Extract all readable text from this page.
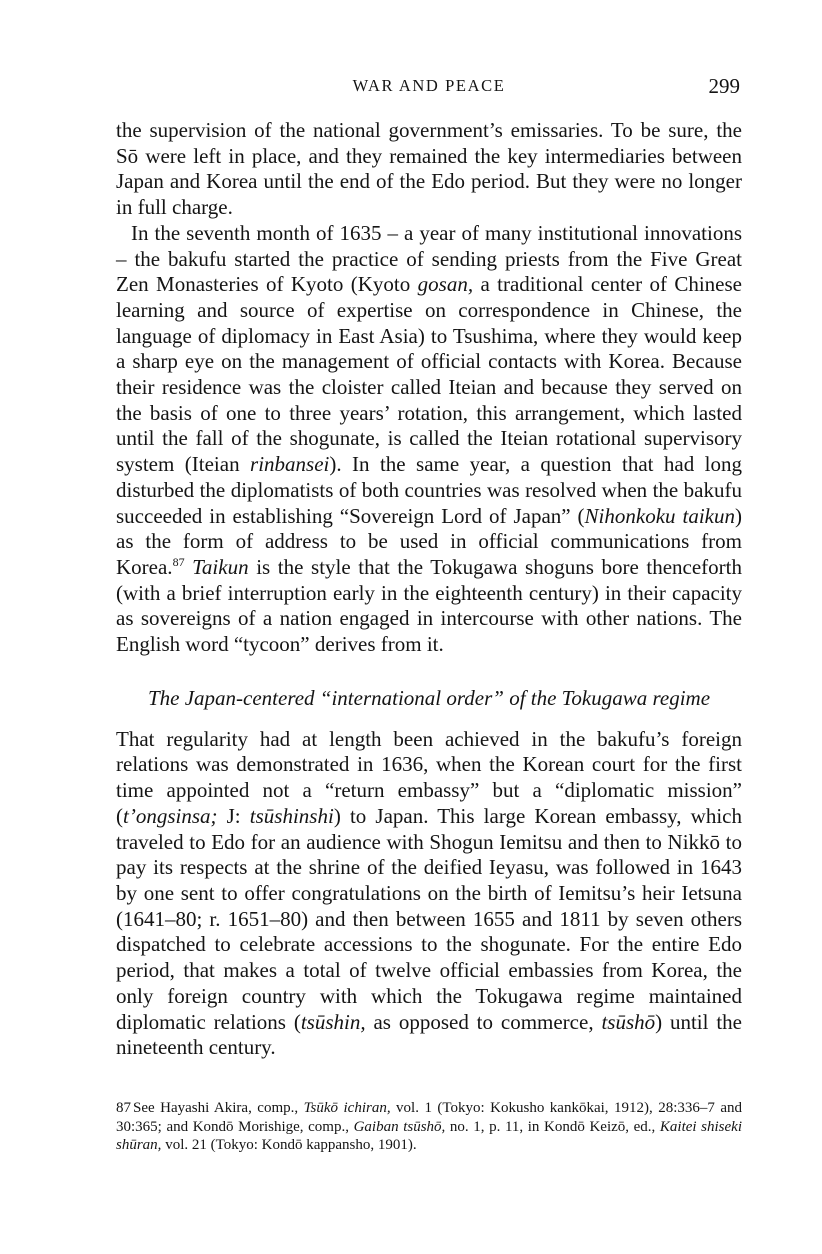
WAR AND PEACE	299

the supervision of the national government’s emissaries. To be sure, the Sō were left in place, and they remained the key intermediaries between Japan and Korea until the end of the Edo period. But they were no longer in full charge.

In the seventh month of 1635 – a year of many institutional innovations – the bakufu started the practice of sending priests from the Five Great Zen Monasteries of Kyoto (Kyoto gosan, a traditional center of Chinese learning and source of expertise on correspondence in Chinese, the language of diplomacy in East Asia) to Tsushima, where they would keep a sharp eye on the management of official contacts with Korea. Because their residence was the cloister called Iteian and because they served on the basis of one to three years’ rotation, this arrangement, which lasted until the fall of the shogunate, is called the Iteian rotational supervisory system (Iteian rinbansei). In the same year, a question that had long disturbed the diplomatists of both countries was resolved when the bakufu succeeded in establishing “Sovereign Lord of Japan” (Nihonkoku taikun) as the form of address to be used in official communications from Korea.$^{87}$ Taikun is the style that the Tokugawa shoguns bore thenceforth (with a brief interruption early in the eighteenth century) in their capacity as sovereigns of a nation engaged in intercourse with other nations. The English word “tycoon” derives from it.

The Japan-centered “international order” of the Tokugawa regime

That regularity had at length been achieved in the bakufu’s foreign relations was demonstrated in 1636, when the Korean court for the first time appointed not a “return embassy” but a “diplomatic mission” (t’ongsinsa; J: tsūshinshi) to Japan. This large Korean embassy, which traveled to Edo for an audience with Shogun Iemitsu and then to Nikkō to pay its respects at the shrine of the deified Ieyasu, was followed in 1643 by one sent to offer congratulations on the birth of Iemitsu’s heir Ietsuna (1641–80; r. 1651–80) and then between 1655 and 1811 by seven others dispatched to celebrate accessions to the shogunate. For the entire Edo period, that makes a total of twelve official embassies from Korea, the only foreign country with which the Tokugawa regime maintained diplomatic relations (tsūshin, as opposed to commerce, tsūshō) until the nineteenth century.

87 See Hayashi Akira, comp., Tsūkō ichiran, vol. 1 (Tokyo: Kokusho kankōkai, 1912), 28:336–7 and 30:365; and Kondō Morishige, comp., Gaiban tsūshō, no. 1, p. 11, in Kondō Keizō, ed., Kaitei shiseki shūran, vol. 21 (Tokyo: Kondō kappansho, 1901).
